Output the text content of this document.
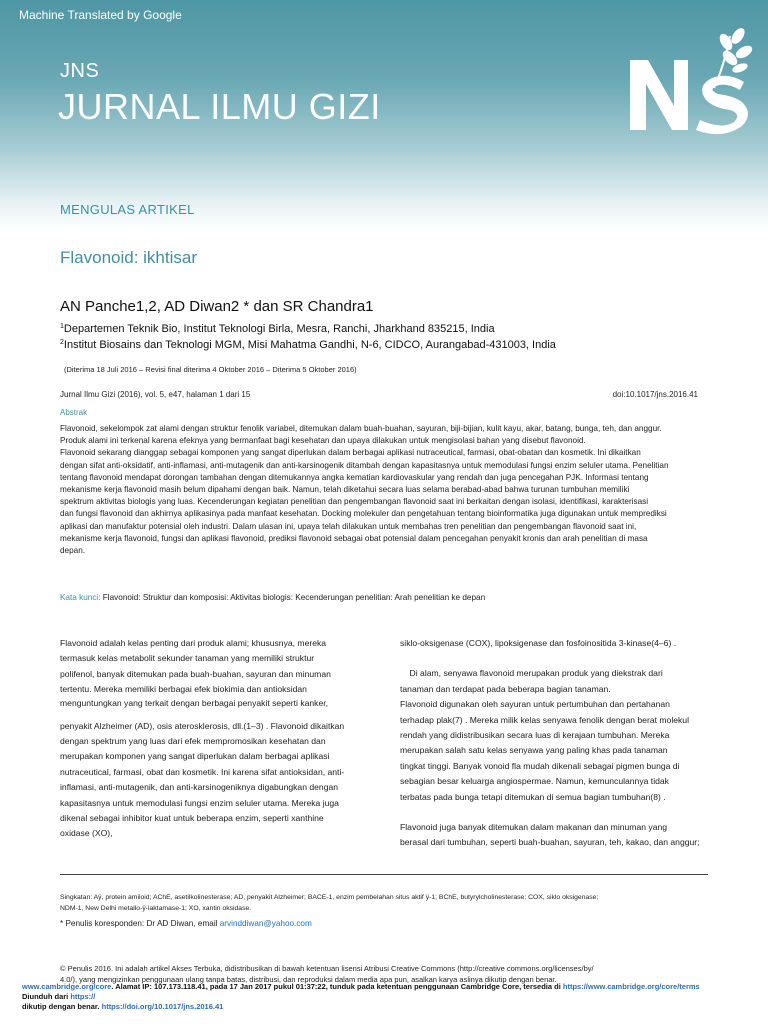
Machine Translated by Google
JNS
JURNAL ILMU GIZI
MENGULAS ARTIKEL
Flavonoid: ikhtisar
AN Panche1,2, AD Diwan2 * dan SR Chandra1
$^1$Departemen Teknik Bio, Institut Teknologi Birla, Mesra, Ranchi, Jharkhand 835215, India
$^2$Institut Biosains dan Teknologi MGM, Misi Mahatma Gandhi, N-6, CIDCO, Aurangabad-431003, India
(Diterima 18 Juli 2016 – Revisi final diterima 4 Oktober 2016 – Diterima 5 Oktober 2016)
Jurnal Ilmu Gizi (2016), vol. 5, e47, halaman 1 dari 15	doi:10.1017/jns.2016.41
Abstrak
Flavonoid, sekelompok zat alami dengan struktur fenolik variabel, ditemukan dalam buah-buahan, sayuran, biji-bijian, kulit kayu, akar, batang, bunga, teh, dan anggur.
Produk alami ini terkenal karena efeknya yang bermanfaat bagi kesehatan dan upaya dilakukan untuk mengisolasi bahan yang disebut flavonoid.
Flavonoid sekarang dianggap sebagai komponen yang sangat diperlukan dalam berbagai aplikasi nutraceutical, farmasi, obat-obatan dan kosmetik. Ini dikaitkan
dengan sifat anti-oksidatif, anti-inflamasi, anti-mutagenik dan anti-karsinogenik ditambah dengan kapasitasnya untuk memodulasi fungsi enzim seluler utama. Penelitian
tentang flavonoid mendapat dorongan tambahan dengan ditemukannya angka kematian kardiovaskular yang rendah dan juga pencegahan PJK. Informasi tentang
mekanisme kerja flavonoid masih belum dipahami dengan baik. Namun, telah diketahui secara luas selama berabad-abad bahwa turunan tumbuhan memiliki
spektrum aktivitas biologis yang luas. Kecenderungan kegiatan penelitian dan pengembangan flavonoid saat ini berkaitan dengan isolasi, identifikasi, karakterisasi
dan fungsi flavonoid dan akhirnya aplikasinya pada manfaat kesehatan. Docking molekuler dan pengetahuan tentang bioinformatika juga digunakan untuk memprediksi
aplikasi dan manufaktur potensial oleh industri. Dalam ulasan ini, upaya telah dilakukan untuk membahas tren penelitian dan pengembangan flavonoid saat ini,
mekanisme kerja flavonoid, fungsi dan aplikasi flavonoid, prediksi flavonoid sebagai obat potensial dalam pencegahan penyakit kronis dan arah penelitian di masa
depan.
Kata kunci: Flavonoid: Struktur dan komposisi: Aktivitas biologis: Kecenderungan penelitian: Arah penelitian ke depan
Flavonoid adalah kelas penting dari produk alami; khususnya, mereka
termasuk kelas metabolit sekunder tanaman yang memiliki struktur
polifenol, banyak ditemukan pada buah-buahan, sayuran dan minuman
tertentu. Mereka memiliki berbagai efek biokimia dan antioksidan
menguntungkan yang terkait dengan berbagai penyakit seperti kanker,
penyakit Alzheimer (AD), osis aterosklerosis, dll.(1–3) . Flavonoid dikaitkan
dengan spektrum yang luas dari efek mempromosikan kesehatan dan
merupakan komponen yang sangat diperlukan dalam berbagai aplikasi
nutraceutical, farmasi, obat dan kosmetik. Ini karena sifat antioksidan, anti-
inflamasi, anti-mutagenik, dan anti-karsinogeniknya digabungkan dengan
kapasitasnya untuk memodulasi fungsi enzim seluler utama. Mereka juga
dikenal sebagai inhibitor kuat untuk beberapa enzim, seperti xanthine
oxidase (XO),
siklo-oksigenase (COX), lipoksigenase dan fosfoinositida 3-kinase(4–6) .
Di alam, senyawa flavonoid merupakan produk yang diekstrak dari
tanaman dan terdapat pada beberapa bagian tanaman.
Flavonoid digunakan oleh sayuran untuk pertumbuhan dan pertahanan
terhadap plak(7) . Mereka milik kelas senyawa fenolik dengan berat molekul
rendah yang didistribusikan secara luas di kerajaan tumbuhan. Mereka
merupakan salah satu kelas senyawa yang paling khas pada tanaman
tingkat tinggi. Banyak vonoid fla mudah dikenali sebagai pigmen bunga di
sebagian besar keluarga angiospermae. Namun, kemunculannya tidak
terbatas pada bunga tetapi ditemukan di semua bagian tumbuhan(8) .
Flavonoid juga banyak ditemukan dalam makanan dan minuman yang
berasal dari tumbuhan, seperti buah-buahan, sayuran, teh, kakao, dan anggur;
Singkatan: Aÿ, protein amiloid; AChE, asetilkolinesterase; AD, penyakit Alzheimer; BACE-1, enzim pembelahan situs aktif ÿ-1; BChE, butyrylcholinesterase; COX, siklo oksigenase;
NDM-1, New Delhi metallo-ÿ-laktamase-1; XO, xantin oksidase.
* Penulis koresponden: Dr AD Diwan, email arvinddiwan@yahoo.com
© Penulis 2016. Ini adalah artikel Akses Terbuka, didistribusikan di bawah ketentuan lisensi Atribusi Creative Commons (http://creative commons.org/licenses/by/
4.0/), yang mengizinkan penggunaan ulang tanpa batas, distribusi, dan reproduksi dalam media apa pun, asalkan karya aslinya dikutip dengan benar.
www.cambridge.org/core. Alamat IP: 107.173.118.41, pada 17 Jan 2017 pukul 01:37:22, tunduk pada ketentuan penggunaan Cambridge Core, tersedia di https://www.cambridge.org/core/terms
Diunduh dari https://
dikutip dengan benar. https://doi.org/10.1017/jns.2016.41
